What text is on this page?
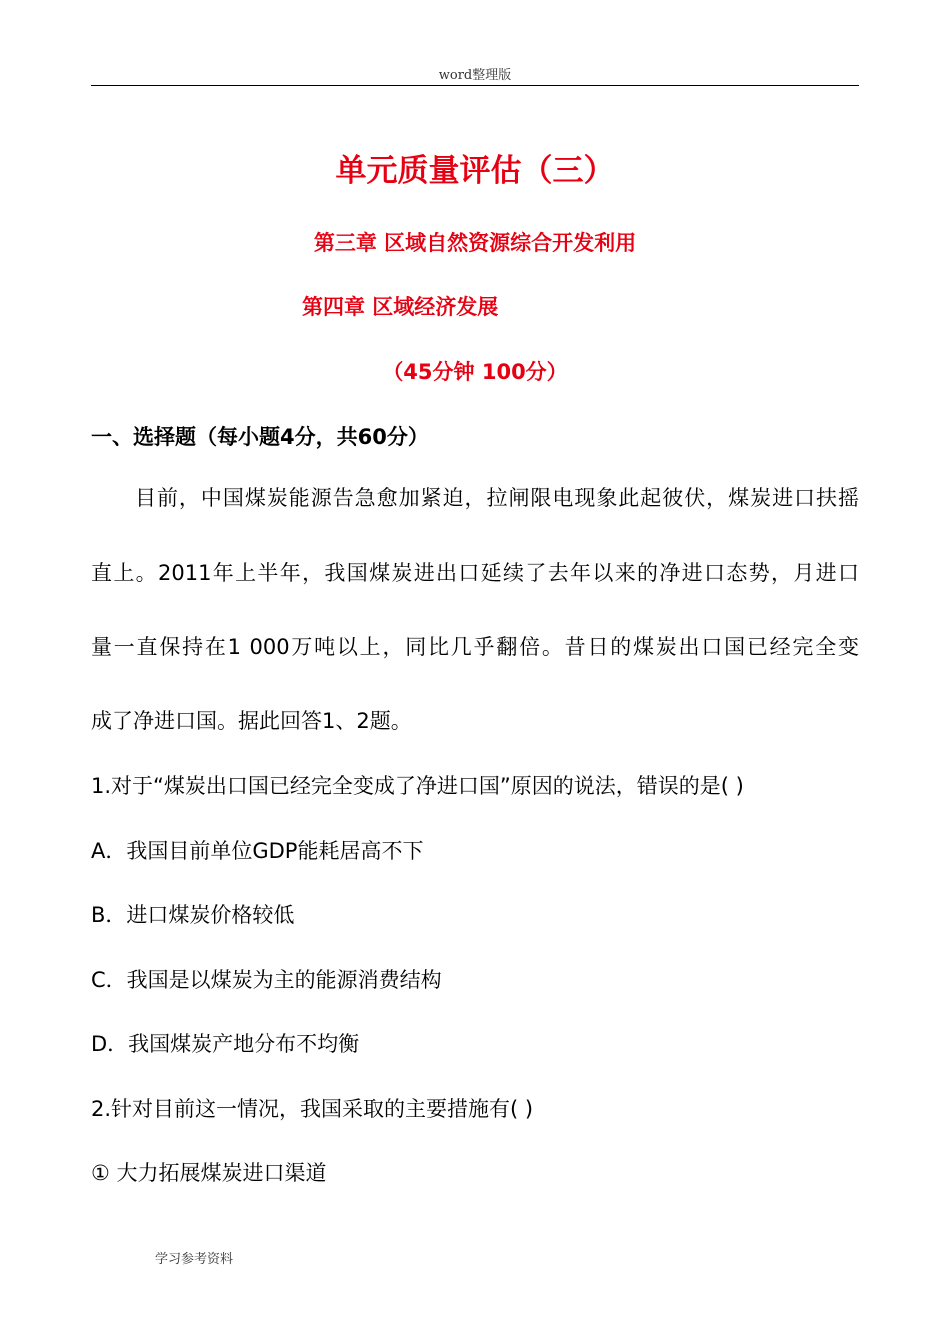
word整理版
单元质量评估（三）
第三章 区域自然资源综合开发利用
第四章 区域经济发展
（45分钟 100分）
一、选择题（每小题4分，共60分）
目前，中国煤炭能源告急愈加紧迫，拉闸限电现象此起彼伏，煤炭进口扶摇
直上。2011年上半年，我国煤炭进出口延续了去年以来的净进口态势，月进口
量一直保持在1 000万吨以上，同比几乎翻倍。昔日的煤炭出口国已经完全变
成了净进口国。据此回答1、2题。
1.对于“煤炭出口国已经完全变成了净进口国”原因的说法，错误的是( )
A．我国目前单位GDP能耗居高不下
B．进口煤炭价格较低
C．我国是以煤炭为主的能源消费结构
D．我国煤炭产地分布不均衡
2.针对目前这一情况，我国采取的主要措施有( )
① 大力拓展煤炭进口渠道
学习参考资料
